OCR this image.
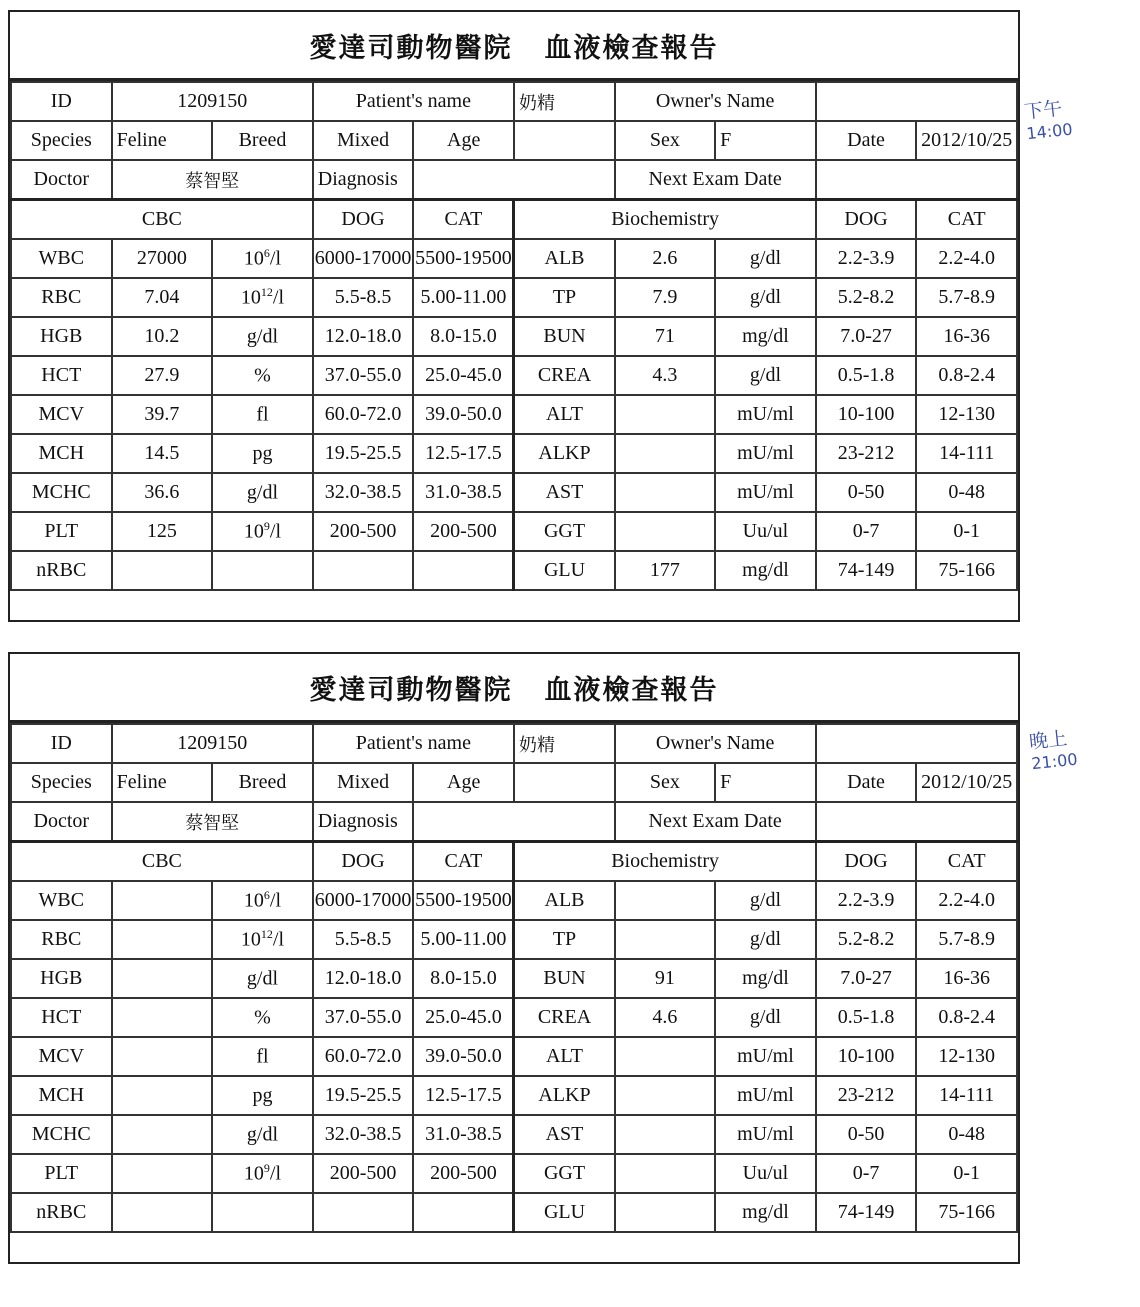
愛達司動物醫院 血液檢查報告
ID	1209150		Patient's name		奶精	Owner's Name			
Species	Feline	Breed	Mixed	Age		Sex	F	Date	2012/10/25
Doctor	蔡智堅		Diagnosis			Next Exam Date			
CBC			DOG	CAT	Biochemistry			DOG	CAT
WBC	27000	$10^6/l$	6000-17000	5500-19500	ALB	2.6	g/dl	2.2-3.9	2.2-4.0
RBC	7.04	$10^{12}/l$	5.5-8.5	5.00-11.00	TP	7.9	g/dl	5.2-8.2	5.7-8.9
HGB	10.2	g/dl	12.0-18.0	8.0-15.0	BUN	71	mg/dl	7.0-27	16-36
HCT	27.9	%	37.0-55.0	25.0-45.0	CREA	4.3	g/dl	0.5-1.8	0.8-2.4
MCV	39.7	fl	60.0-72.0	39.0-50.0	ALT		mU/ml	10-100	12-130
MCH	14.5	pg	19.5-25.5	12.5-17.5	ALKP		mU/ml	23-212	14-111
MCHC	36.6	g/dl	32.0-38.5	31.0-38.5	AST		mU/ml	0-50	0-48
PLT	125	$10^9/l$	200-500	200-500	GGT		Uu/ul	0-7	0-1
nRBC					GLU	177	mg/dl	74-149	75-166
愛達司動物醫院 血液檢查報告
ID	1209150		Patient's name		奶精	Owner's Name			
Species	Feline	Breed	Mixed	Age		Sex	F	Date	2012/10/25
Doctor	蔡智堅		Diagnosis			Next Exam Date			
CBC			DOG	CAT	Biochemistry			DOG	CAT
WBC		$10^6/l$	6000-17000	5500-19500	ALB		g/dl	2.2-3.9	2.2-4.0
RBC		$10^{12}/l$	5.5-8.5	5.00-11.00	TP		g/dl	5.2-8.2	5.7-8.9
HGB		g/dl	12.0-18.0	8.0-15.0	BUN	91	mg/dl	7.0-27	16-36
HCT		%	37.0-55.0	25.0-45.0	CREA	4.6	g/dl	0.5-1.8	0.8-2.4
MCV		fl	60.0-72.0	39.0-50.0	ALT		mU/ml	10-100	12-130
MCH		pg	19.5-25.5	12.5-17.5	ALKP		mU/ml	23-212	14-111
MCHC		g/dl	32.0-38.5	31.0-38.5	AST		mU/ml	0-50	0-48
PLT		$10^9/l$	200-500	200-500	GGT		Uu/ul	0-7	0-1
nRBC					GLU		mg/dl	74-149	75-166
下午
14:00
晚上
21:00
